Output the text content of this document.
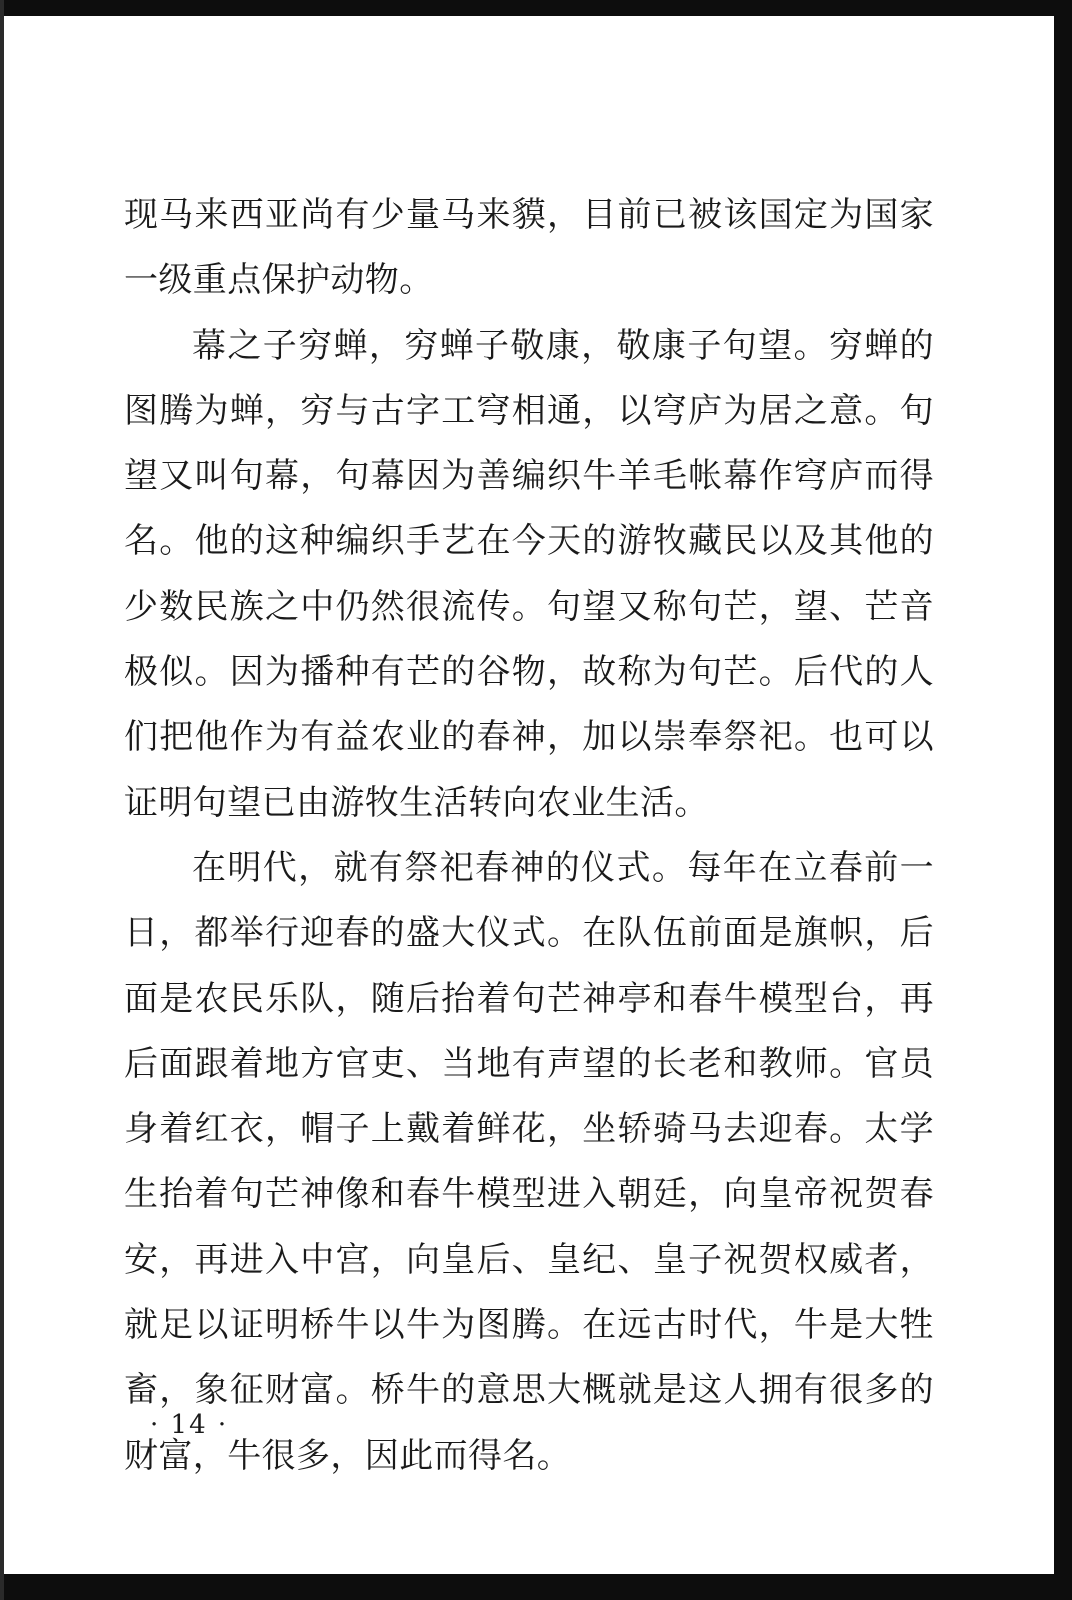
现马来西亚尚有少量马来貘，目前已被该国定为国家一级重点保护动物。

幕之子穷蝉，穷蝉子敬康，敬康子句望。穷蝉的图腾为蝉，穷与古字工穹相通，以穹庐为居之意。句望又叫句幕，句幕因为善编织牛羊毛帐幕作穹庐而得名。他的这种编织手艺在今天的游牧藏民以及其他的少数民族之中仍然很流传。句望又称句芒，望、芒音极似。因为播种有芒的谷物，故称为句芒。后代的人们把他作为有益农业的春神，加以崇奉祭祀。也可以证明句望已由游牧生活转向农业生活。

在明代，就有祭祀春神的仪式。每年在立春前一日，都举行迎春的盛大仪式。在队伍前面是旗帜，后面是农民乐队，随后抬着句芒神亭和春牛模型台，再后面跟着地方官吏、当地有声望的长老和教师。官员身着红衣，帽子上戴着鲜花，坐轿骑马去迎春。太学生抬着句芒神像和春牛模型进入朝廷，向皇帝祝贺春安，再进入中宫，向皇后、皇纪、皇子祝贺权威者，就足以证明桥牛以牛为图腾。在远古时代，牛是大牲畜，象征财富。桥牛的意思大概就是这人拥有很多的财富，牛很多，因此而得名。

· 14 ·
